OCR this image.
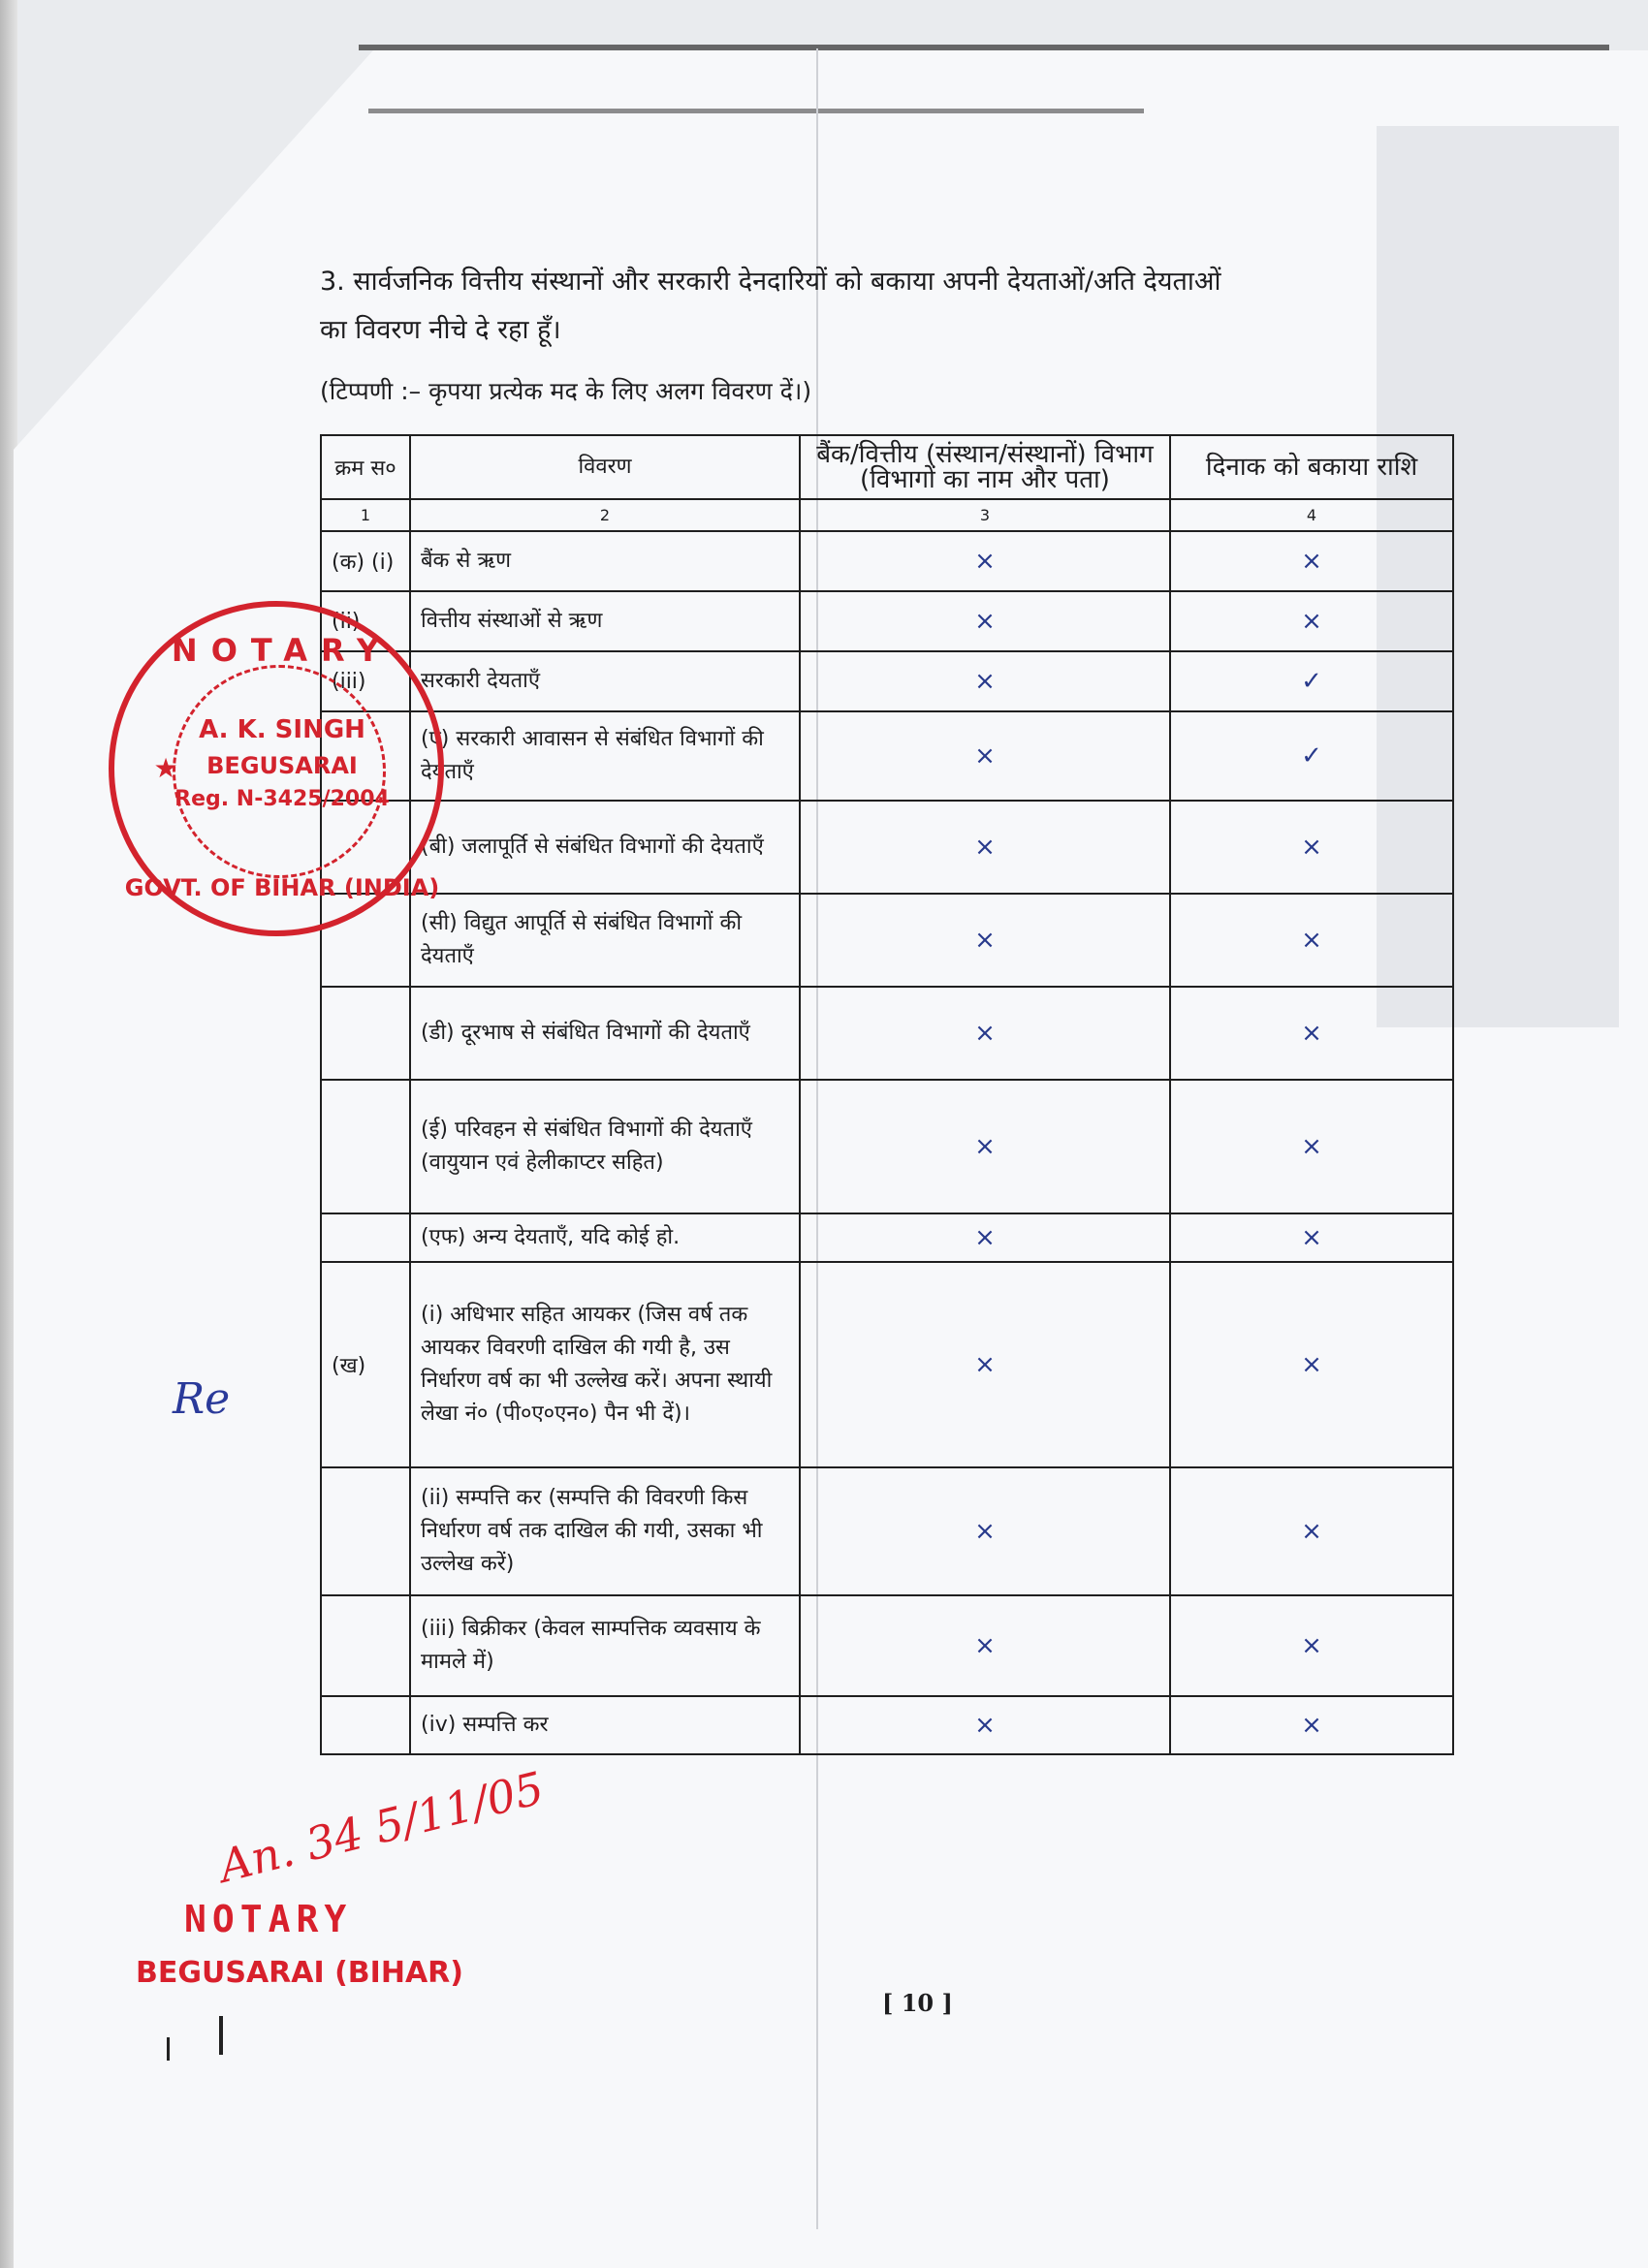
3. सार्वजनिक वित्तीय संस्थानों और सरकारी देनदारियों को बकाया अपनी देयताओं/अति देयताओं
का विवरण नीचे दे रहा हूँ।
(टिप्पणी :– कृपया प्रत्येक मद के लिए अलग विवरण दें।)
क्रम स०	विवरण	बैंक/वित्तीय (संस्थान/संस्थानों) विभाग (विभागों का नाम और पता)	दिनाक को बकाया राशि
1	2	3	4
(क) (i)	बैंक से ऋण	×	×
(ii)	वित्तीय संस्थाओं से ऋण	×	×
(iii)	सरकारी देयताएँ	×	✓
	(ए) सरकारी आवासन से संबंधित विभागों की देयताएँ	×	✓
	(बी) जलापूर्ति से संबंधित विभागों की देयताएँ	×	×
	(सी) विद्युत आपूर्ति से संबंधित विभागों की देयताएँ	×	×
	(डी) दूरभाष से संबंधित विभागों की देयताएँ	×	×
	(ई) परिवहन से संबंधित विभागों की देयताएँ (वायुयान एवं हेलीकाप्टर सहित)	×	×
	(एफ) अन्य देयताएँ, यदि कोई हो.	×	×
(ख)	(i) अधिभार सहित आयकर (जिस वर्ष तक आयकर विवरणी दाखिल की गयी है, उस निर्धारण वर्ष का भी उल्लेख करें। अपना स्थायी लेखा नं० (पी०ए०एन०) पैन भी दें)।	×	×
	(ii) सम्पत्ति कर (सम्पत्ति की विवरणी किस निर्धारण वर्ष तक दाखिल की गयी, उसका भी उल्लेख करें)	×	×
	(iii) बिक्रीकर (केवल साम्पत्तिक व्यवसाय के मामले में)	×	×
	(iv) सम्पत्ति कर	×	×
NOTARY
A. K. SINGH
BEGUSARAI
Reg. N-3425/2004
GOVT. OF BIHAR (INDIA)
★
Re
An. 34 5/11/05
NOTARY
BEGUSARAI (BIHAR)
[ 10 ]
